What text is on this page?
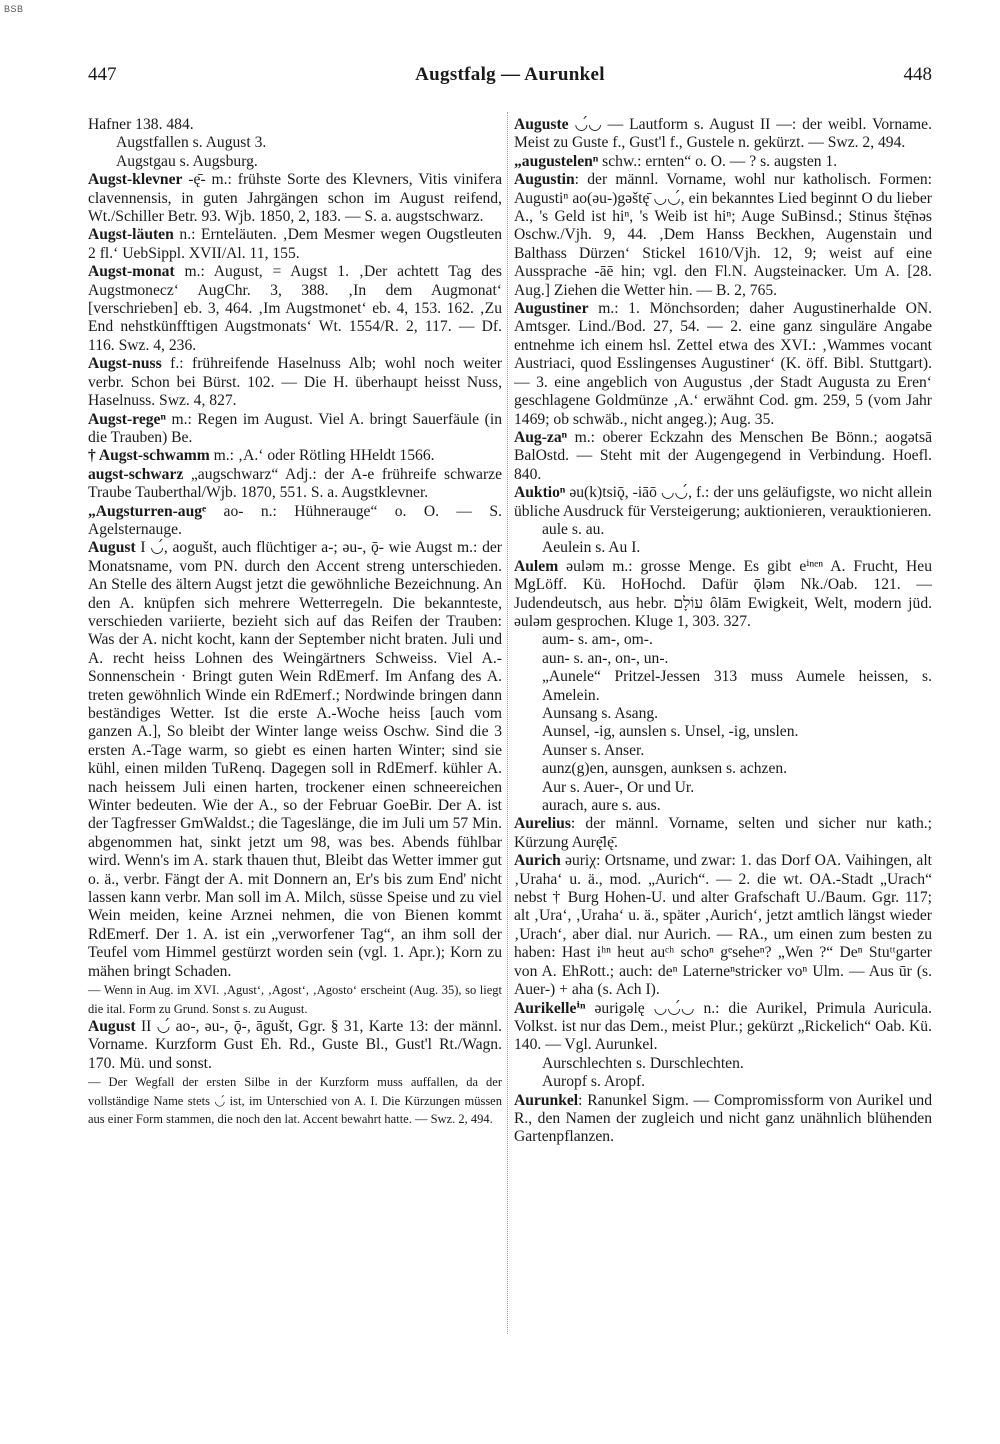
BSB
447	Augstfalg — Aurunkel	448

Hafner 138. 484.

Augstfallen s. August 3.

Augstgau s. Augsburg.

Augst-klevner -ę̄- m.: frühste Sorte des Klevners, Vitis vinifera clavennensis, in guten Jahrgängen schon im August reifend, Wt./Schiller Betr. 93. Wjb. 1850, 2, 183. — S. a. augstschwarz.

Augst-läuten n.: Ernteläuten. ‚Dem Mesmer wegen Ougstleuten 2 fl.‘ UebSippl. XVII/Al. 11, 155.

Augst-monat m.: August, = Augst 1. ‚Der achtett Tag des Augstmonecz‘ AugChr. 3, 388. ‚In dem Augmonat‘ [verschrieben] eb. 3, 464. ‚Im Augstmonet‘ eb. 4, 153. 162. ‚Zu End nehstkünfftigen Augstmonats‘ Wt. 1554/R. 2, 117. — Df. 116. Swz. 4, 236.

Augst-nuss f.: frühreifende Haselnuss Alb; wohl noch weiter verbr. Schon bei Bürst. 102. — Die H. überhaupt heisst Nuss, Haselnuss. Swz. 4, 827.

Augst-regeⁿ m.: Regen im August. Viel A. bringt Sauerfäule (in die Trauben) Be.

† Augst-schwamm m.: ‚A.‘ oder Rötling HHeldt 1566.

augst-schwarz „augschwarz“ Adj.: der A-e frühreife schwarze Traube Tauberthal/Wjb. 1870, 551. S. a. Augstklevner.

„Augsturren-augᵉ ao- n.: Hühnerauge“ o. O. — S. Agelsternauge.

August I ◡́, aogušt, auch flüchtiger a-; əu-, ǭ- wie Augst m.: der Monatsname, vom PN. durch den Accent streng unterschieden. An Stelle des ältern Augst jetzt die gewöhnliche Bezeichnung. An den A. knüpfen sich mehrere Wetterregeln. Die bekannteste, verschieden variierte, bezieht sich auf das Reifen der Trauben: Was der A. nicht kocht, kann der September nicht braten. Juli und A. recht heiss Lohnen des Weingärtners Schweiss. Viel A.-Sonnenschein · Bringt guten Wein RdEmerf. Im Anfang des A. treten gewöhnlich Winde ein RdEmerf.; Nordwinde bringen dann beständiges Wetter. Ist die erste A.-Woche heiss [auch vom ganzen A.], So bleibt der Winter lange weiss Oschw. Sind die 3 ersten A.-Tage warm, so giebt es einen harten Winter; sind sie kühl, einen milden TuRenq. Dagegen soll in RdEmerf. kühler A. nach heissem Juli einen harten, trockener einen schneereichen Winter bedeuten. Wie der A., so der Februar GoeBir. Der A. ist der Tagfresser GmWaldst.; die Tageslänge, die im Juli um 57 Min. abgenommen hat, sinkt jetzt um 98, was bes. Abends fühlbar wird. Wenn's im A. stark thauen thut, Bleibt das Wetter immer gut o. ä., verbr. Fängt der A. mit Donnern an, Er's bis zum End' nicht lassen kann verbr. Man soll im A. Milch, süsse Speise und zu viel Wein meiden, keine Arznei nehmen, die von Bienen kommt RdEmerf. Der 1. A. ist ein „verworfener Tag“, an ihm soll der Teufel vom Himmel gestürzt worden sein (vgl. 1. Apr.); Korn zu mähen bringt Schaden.

— Wenn in Aug. im XVI. ‚Agust‘, ‚Agost‘, ‚Agosto‘ erscheint (Aug. 35), so liegt die ital. Form zu Grund. Sonst s. zu August.

August II ◡́ ao-, əu-, ǭ-, āgušt, Ggr. § 31, Karte 13: der männl. Vorname. Kurzform Gust Eh. Rd., Guste Bl., Gust'l Rt./Wagn. 170. Mü. und sonst.

— Der Wegfall der ersten Silbe in der Kurzform muss auffallen, da der vollständige Name stets ◡́ ist, im Unterschied von A. I. Die Kürzungen müssen aus einer Form stammen, die noch den lat. Accent bewahrt hatte. — Swz. 2, 494.

Auguste ◡́◡ — Lautform s. August II —: der weibl. Vorname. Meist zu Guste f., Gust'l f., Gustele n. gekürzt. — Swz. 2, 494.

„augustelenⁿ schw.: ernten“ o. O. — ? s. augsten 1.

Augustin: der männl. Vorname, wohl nur katholisch. Formen: Augustiⁿ ao(əu-)gəštę̄ ◡◡́, ein bekanntes Lied beginnt O du lieber A., 's Geld ist hiⁿ, 's Weib ist hiⁿ; Auge SuBinsd.; Stinus štę̄nəs Oschw./Vjh. 9, 44. ‚Dem Hanss Beckhen, Augenstain und Balthass Dürzen‘ Stickel 1610/Vjh. 12, 9; weist auf eine Aussprache -āē hin; vgl. den Fl.N. Augsteinacker. Um A. [28. Aug.] Ziehen die Wetter hin. — B. 2, 765.

Augustiner m.: 1. Mönchsorden; daher Augustinerhalde ON. Amtsger. Lind./Bod. 27, 54. — 2. eine ganz singuläre Angabe entnehme ich einem hsl. Zettel etwa des XVI.: ‚Wammes vocant Austriaci, quod Esslingenses Augustiner‘ (K. öff. Bibl. Stuttgart). — 3. eine angeblich von Augustus ‚der Stadt Augusta zu Eren‘ geschlagene Goldmünze ‚A.‘ erwähnt Cod. gm. 259, 5 (vom Jahr 1469; ob schwäb., nicht angeg.); Aug. 35.

Aug-zaⁿ m.: oberer Eckzahn des Menschen Be Bönn.; aogətsā BalOstd. — Steht mit der Augengegend in Verbindung. Hoefl. 840.

Auktioⁿ əu(k)tsiǭ, -iāō ◡◡́, f.: der uns geläufigste, wo nicht allein übliche Ausdruck für Versteigerung; auktionieren, verauktionieren.

aule s. au.

Aeulein s. Au I.

Aulem əuləm m.: grosse Menge. Es gibt eⁱⁿᵉⁿ A. Frucht, Heu MgLöff. Kü. HoHochd. Dafür ǭləm Nk./Oab. 121. — Judendeutsch, aus hebr. עוֹלָם ôlām Ewigkeit, Welt, modern jüd. əuləm gesprochen. Kluge 1, 303. 327.

aum- s. am-, om-.

aun- s. an-, on-, un-.

„Aunele“ Pritzel-Jessen 313 muss Aumele heissen, s. Amelein.

Aunsang s. Asang.

Aunsel, -ig, aunslen s. Unsel, -ig, unslen.

Aunser s. Anser.

aunz(g)en, aunsgen, aunksen s. achzen.

Aur s. Auer-, Or und Ur.

aurach, aure s. aus.

Aurelius: der männl. Vorname, selten und sicher nur kath.; Kürzung Aurę̄lę̄.

Aurich əuriχ: Ortsname, und zwar: 1. das Dorf OA. Vaihingen, alt ‚Uraha‘ u. ä., mod. „Aurich“. — 2. die wt. OA.-Stadt „Urach“ nebst † Burg Hohen-U. und alter Grafschaft U./Baum. Ggr. 117; alt ‚Ura‘, ‚Uraha‘ u. ä., später ‚Aurich‘, jetzt amtlich längst wieder ‚Urach‘, aber dial. nur Aurich. — RA., um einen zum besten zu haben: Hast iʰⁿ heut auᶜʰ schoⁿ gᵉseheⁿ? „Wen ?“ Deⁿ Stuᵗᵗgarter von A. EhRott.; auch: deⁿ Laterneⁿstricker voⁿ Ulm. — Aus ūr (s. Auer-) + aha (s. Ach I).

Aurikelleⁱⁿ əurigəlę ◡◡́◡ n.: die Aurikel, Primula Auricula. Volkst. ist nur das Dem., meist Plur.; gekürzt „Rickelich“ Oab. Kü. 140. — Vgl. Aurunkel.

Aurschlechten s. Durschlechten.

Auropf s. Aropf.

Aurunkel: Ranunkel Sigm. — Compromissform von Aurikel und R., den Namen der zugleich und nicht ganz unähnlich blühenden Gartenpflanzen.
